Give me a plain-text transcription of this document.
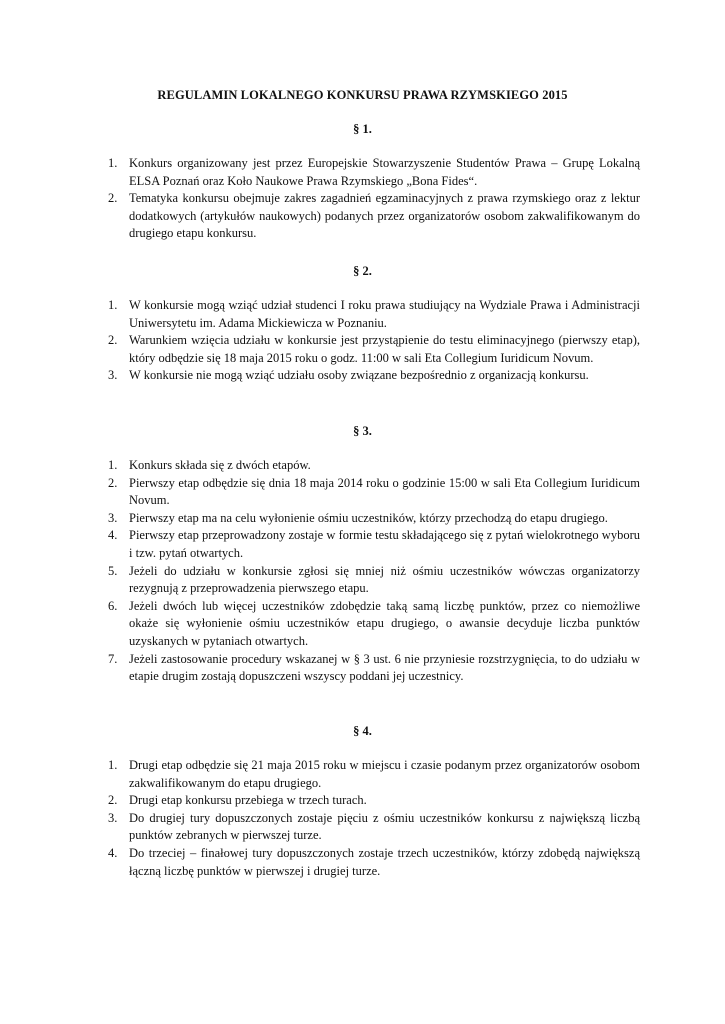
REGULAMIN LOKALNEGO KONKURSU PRAWA RZYMSKIEGO 2015
§ 1.
1. Konkurs organizowany jest przez Europejskie Stowarzyszenie Studentów Prawa – Grupę Lokalną ELSA Poznań oraz Koło Naukowe Prawa Rzymskiego „Bona Fides“.
2. Tematyka konkursu obejmuje zakres zagadnień egzaminacyjnych z prawa rzymskiego oraz z lektur dodatkowych (artykułów naukowych) podanych przez organizatorów osobom zakwalifikowanym do drugiego etapu konkursu.
§ 2.
1. W konkursie mogą wziąć udział studenci I roku prawa studiujący na Wydziale Prawa i Administracji Uniwersytetu im. Adama Mickiewicza w Poznaniu.
2. Warunkiem wzięcia udziału w konkursie jest przystąpienie do testu eliminacyjnego (pierwszy etap), który odbędzie się 18 maja 2015 roku o godz. 11:00 w sali Eta Collegium Iuridicum Novum.
3. W konkursie nie mogą wziąć udziału osoby związane bezpośrednio z organizacją konkursu.
§ 3.
1. Konkurs składa się z dwóch etapów.
2. Pierwszy etap odbędzie się dnia 18 maja 2014 roku o godzinie 15:00 w sali Eta Collegium Iuridicum Novum.
3. Pierwszy etap ma na celu wyłonienie ośmiu uczestników, którzy przechodzą do etapu drugiego.
4. Pierwszy etap przeprowadzony zostaje w formie testu składającego się z pytań wielokrotnego wyboru i tzw. pytań otwartych.
5. Jeżeli do udziału w konkursie zgłosi się mniej niż ośmiu uczestników wówczas organizatorzy rezygnują z przeprowadzenia pierwszego etapu.
6. Jeżeli dwóch lub więcej uczestników zdobędzie taką samą liczbę punktów, przez co niemożliwe okaże się wyłonienie ośmiu uczestników etapu drugiego, o awansie decyduje liczba punktów uzyskanych w pytaniach otwartych.
7. Jeżeli zastosowanie procedury wskazanej w § 3 ust. 6 nie przyniesie rozstrzygnięcia, to do udziału w etapie drugim zostają dopuszczeni wszyscy poddani jej uczestnicy.
§ 4.
1. Drugi etap odbędzie się 21 maja 2015 roku w miejscu i czasie podanym przez organizatorów osobom zakwalifikowanym do etapu drugiego.
2. Drugi etap konkursu przebiega w trzech turach.
3. Do drugiej tury dopuszczonych zostaje pięciu z ośmiu uczestników konkursu z największą liczbą punktów zebranych w pierwszej turze.
4. Do trzeciej – finałowej tury dopuszczonych zostaje trzech uczestników, którzy zdobędą największą łączną liczbę punktów w pierwszej i drugiej turze.
